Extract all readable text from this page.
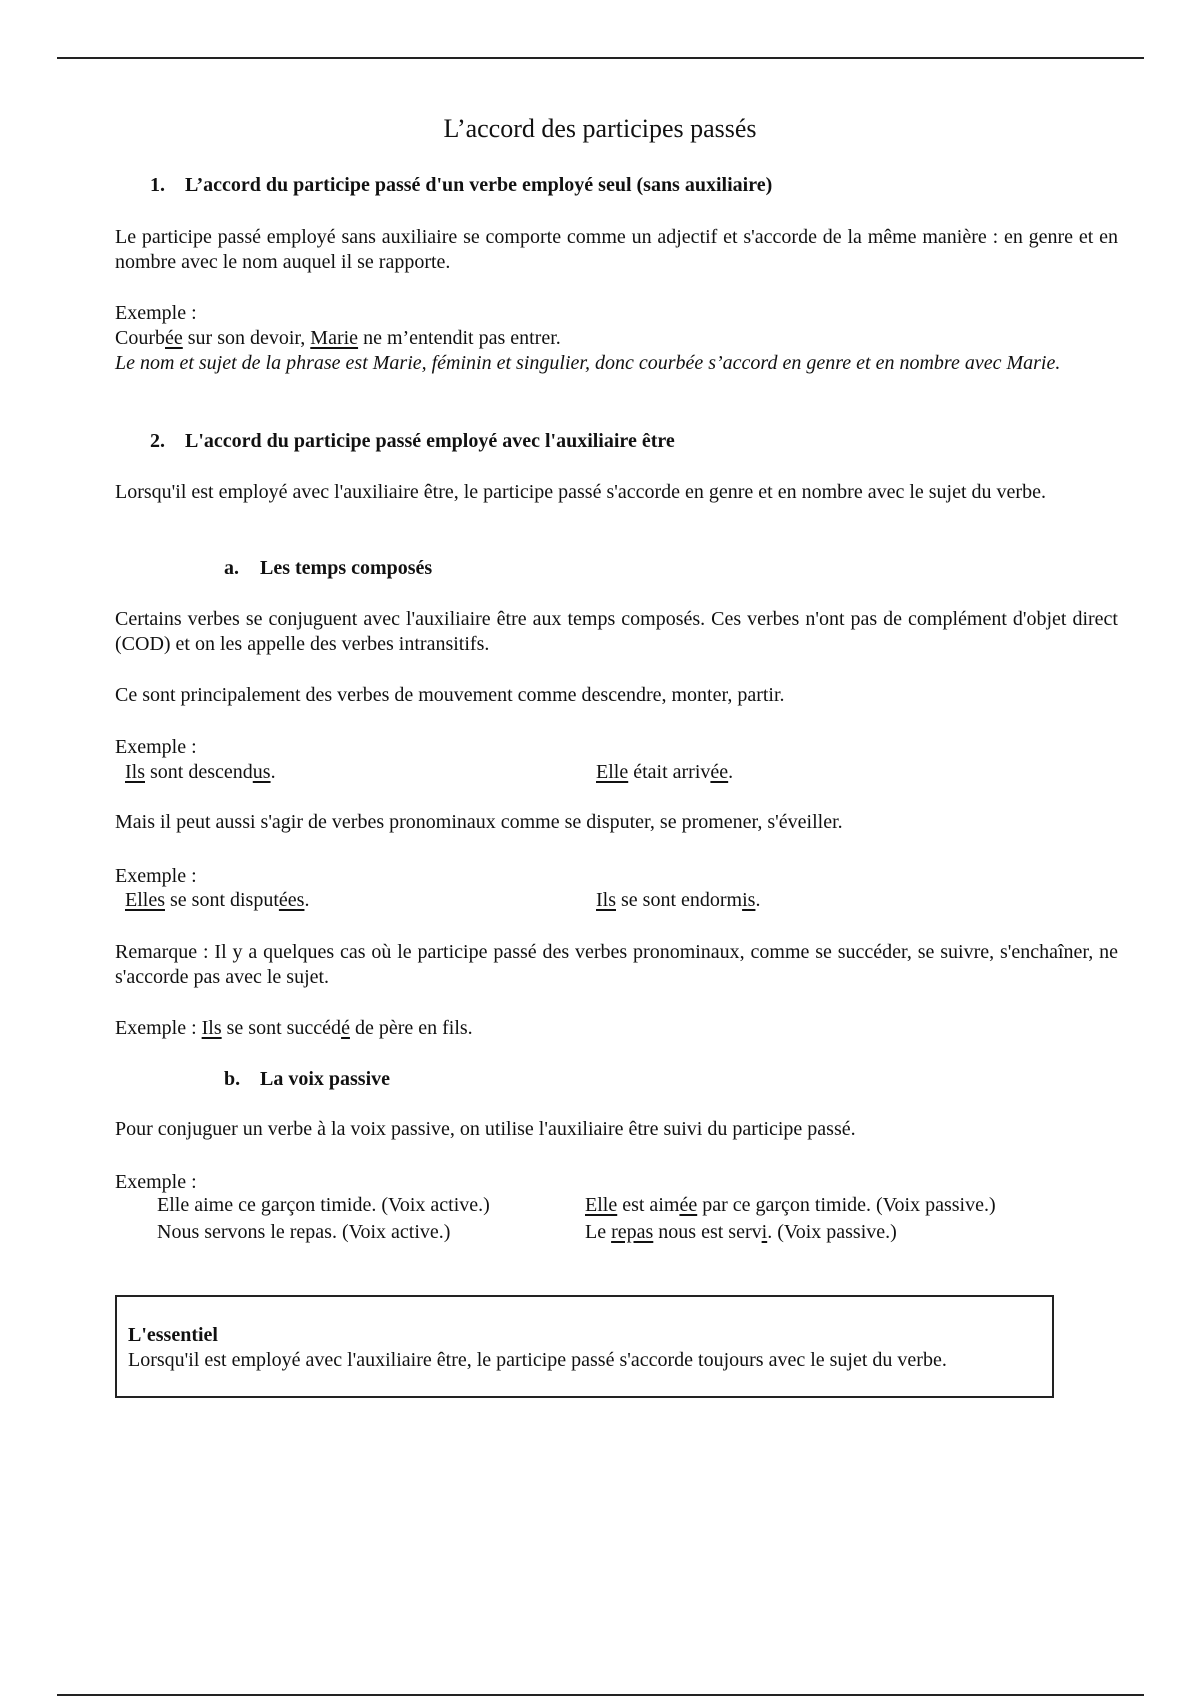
L’accord des participes passés
1. L’accord du participe passé d'un verbe employé seul (sans auxiliaire)
Le participe passé employé sans auxiliaire se comporte comme un adjectif et s'accorde de la même manière : en genre et en nombre avec le nom auquel il se rapporte.
Exemple :
Courbée sur son devoir, Marie ne m’entendit pas entrer.
Le nom et sujet de la phrase est Marie, féminin et singulier, donc courbée s’accord en genre et en nombre avec Marie.
2. L'accord du participe passé employé avec l'auxiliaire être
Lorsqu'il est employé avec l'auxiliaire être, le participe passé s'accorde en genre et en nombre avec le sujet du verbe.
a. Les temps composés
Certains verbes se conjuguent avec l'auxiliaire être aux temps composés. Ces verbes n'ont pas de complément d'objet direct (COD) et on les appelle des verbes intransitifs.
Ce sont principalement des verbes de mouvement comme descendre, monter, partir.
Exemple :
Ils sont descendus.	Elle était arrivée.
Mais il peut aussi s'agir de verbes pronominaux comme se disputer, se promener, s'éveiller.
Exemple :
Elles se sont disputées.	Ils se sont endormis.
Remarque : Il y a quelques cas où le participe passé des verbes pronominaux, comme se succéder, se suivre, s'enchaîner, ne s'accorde pas avec le sujet.
Exemple : Ils se sont succédé de père en fils.
b. La voix passive
Pour conjuguer un verbe à la voix passive, on utilise l'auxiliaire être suivi du participe passé.
Exemple :
Elle aime ce garçon timide. (Voix active.)	Elle est aimée par ce garçon timide. (Voix passive.)
Nous servons le repas. (Voix active.)	Le repas nous est servi. (Voix passive.)
L'essentiel
Lorsqu'il est employé avec l'auxiliaire être, le participe passé s'accorde toujours avec le sujet du verbe.
